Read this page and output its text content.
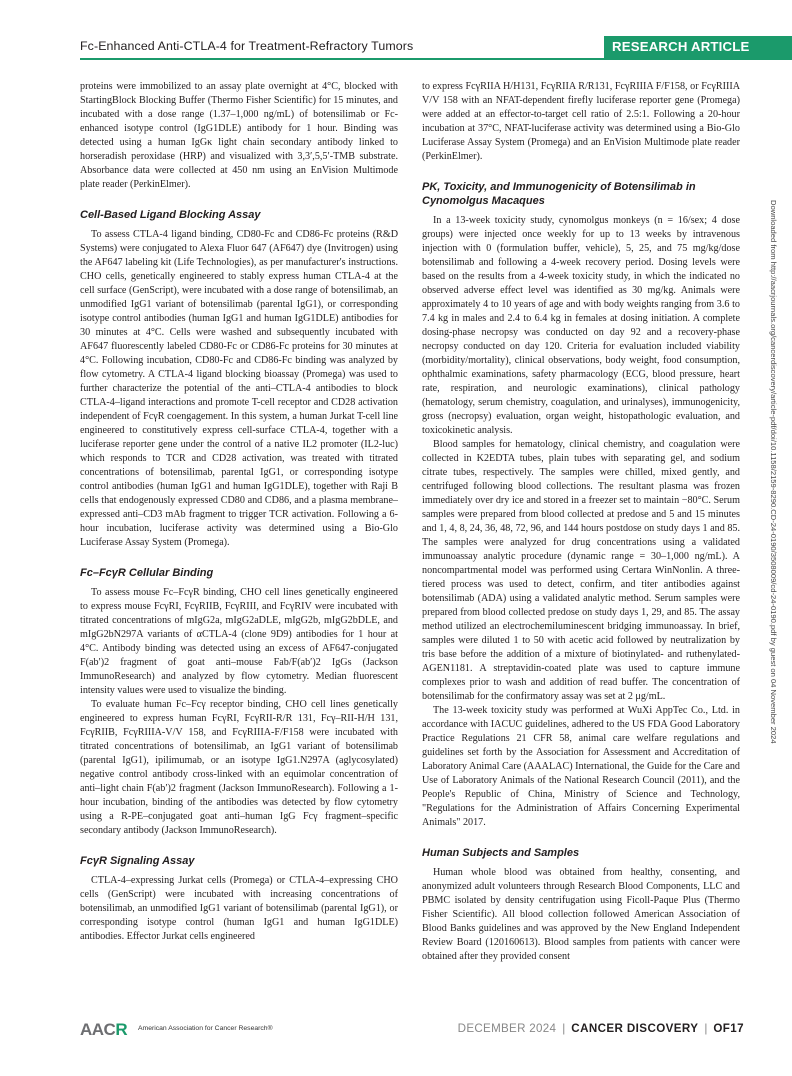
Fc-Enhanced Anti-CTLA-4 for Treatment-Refractory Tumors	RESEARCH ARTICLE

proteins were immobilized to an assay plate overnight at 4°C, blocked with StartingBlock Blocking Buffer (Thermo Fisher Scientific) for 15 minutes, and incubated with a dose range (1.37–1,000 ng/mL) of botensilimab or Fc-enhanced isotype control (IgG1DLE) antibody for 1 hour. Binding was detected using a human IgGκ light chain secondary antibody linked to horseradish peroxidase (HRP) and visualized with 3,3′,5,5′-TMB substrate. Absorbance data were collected at 450 nm using an EnVision Multimode plate reader (PerkinElmer).

Cell-Based Ligand Blocking Assay

To assess CTLA-4 ligand binding, CD80-Fc and CD86-Fc proteins (R&D Systems) were conjugated to Alexa Fluor 647 (AF647) dye (Invitrogen) using the AF647 labeling kit (Life Technologies), as per manufacturer's instructions. CHO cells, genetically engineered to stably express human CTLA-4 at the cell surface (GenScript), were incubated with a dose range of botensilimab, an unmodified IgG1 variant of botensilimab (parental IgG1), or corresponding isotype control antibodies (human IgG1 and human IgG1DLE) antibodies for 30 minutes at 4°C. Cells were washed and subsequently incubated with AF647 fluorescently labeled CD80-Fc or CD86-Fc proteins for 30 minutes at 4°C. Following incubation, CD80-Fc and CD86-Fc binding was analyzed by flow cytometry. A CTLA-4 ligand blocking bioassay (Promega) was used to further characterize the potential of the anti–CTLA-4 antibodies to block CTLA-4–ligand interactions and promote T-cell receptor and CD28 activation independent of FcγR coengagement. In this system, a human Jurkat T-cell line engineered to constitutively express cell-surface CTLA-4, together with a luciferase reporter gene under the control of a native IL2 promoter (IL2-luc) which responds to TCR and CD28 activation, was treated with titrated concentrations of botensilimab, parental IgG1, or corresponding isotype control antibodies (human IgG1 and human IgG1DLE), together with Raji B cells that endogenously expressed CD80 and CD86, and a plasma membrane–expressed anti–CD3 mAb fragment to trigger TCR activation. Following a 6-hour incubation, luciferase activity was determined using a Bio-Glo Luciferase Assay System (Promega).

Fc–FcγR Cellular Binding

To assess mouse Fc–FcγR binding, CHO cell lines genetically engineered to express mouse FcγRI, FcγRIIB, FcγRIII, and FcγRIV were incubated with titrated concentrations of mIgG2a, mIgG2aDLE, mIgG2b, mIgG2bDLE, and mIgG2bN297A variants of αCTLA-4 (clone 9D9) antibodies for 1 hour at 4°C. Antibody binding was detected using an excess of AF647-conjugated F(ab′)2 fragment of goat anti–mouse Fab/F(ab′)2 IgGs (Jackson ImmunoResearch) and analyzed by flow cytometry. Median fluorescent intensity values were used to visualize the binding.

To evaluate human Fc–Fcγ receptor binding, CHO cell lines genetically engineered to express human FcγRI, FcγRII-R/R 131, Fcγ–RII-H/H 131, FcγRIIB, FcγRIIIA-V/V 158, and FcγRIIIA-F/F158 were incubated with titrated concentrations of botensilimab, an IgG1 variant of botensilimab (parental IgG1), ipilimumab, or an isotype IgG1.N297A (aglycosylated) negative control antibody cross-linked with an equimolar concentration of anti–light chain F(ab′)2 fragment (Jackson ImmunoResearch). Following a 1-hour incubation, binding of the antibodies was detected by flow cytometry using a R-PE–conjugated goat anti–human IgG Fcγ fragment–specific secondary antibody (Jackson ImmunoResearch).

FcγR Signaling Assay

CTLA-4–expressing Jurkat cells (Promega) or CTLA-4–expressing CHO cells (GenScript) were incubated with increasing concentrations of botensilimab, an unmodified IgG1 variant of botensilimab (parental IgG1), or corresponding isotype control (human IgG1 and human IgG1DLE) antibodies. Effector Jurkat cells engineered

to express FcγRIIA H/H131, FcγRIIA R/R131, FcγRIIIA F/F158, or FcγRIIIA V/V 158 with an NFAT-dependent firefly luciferase reporter gene (Promega) were added at an effector-to-target cell ratio of 2.5:1. Following a 20-hour incubation at 37°C, NFAT-luciferase activity was determined using a Bio-Glo Luciferase Assay System (Promega) and an EnVision Multimode plate reader (PerkinElmer).

PK, Toxicity, and Immunogenicity of Botensilimab in Cynomolgus Macaques

In a 13-week toxicity study, cynomolgus monkeys (n = 16/sex; 4 dose groups) were injected once weekly for up to 13 weeks by intravenous injection with 0 (formulation buffer, vehicle), 5, 25, and 75 mg/kg/dose botensilimab and following a 4-week recovery period. Dosing levels were based on the results from a 4-week toxicity study, in which the indicated no observed adverse effect level was identified as 30 mg/kg. Animals were approximately 4 to 10 years of age and with body weights ranging from 3.6 to 7.4 kg in males and 2.4 to 6.4 kg in females at dosing initiation. A complete dosing-phase necropsy was conducted on day 92 and a recovery-phase necropsy conducted on day 120. Criteria for evaluation included viability (morbidity/mortality), clinical observations, body weight, food consumption, ophthalmic examinations, safety pharmacology (ECG, blood pressure, heart rate, respiration, and neurologic examinations), clinical pathology (hematology, serum chemistry, coagulation, and urinalyses), immunogenicity, gross (necropsy) evaluation, organ weight, histopathologic evaluation, and toxicokinetic analysis.

Blood samples for hematology, clinical chemistry, and coagulation were collected in K2EDTA tubes, plain tubes with separating gel, and sodium citrate tubes, respectively. The samples were chilled, mixed gently, and centrifuged following blood collections. The resultant plasma was frozen immediately over dry ice and stored in a freezer set to maintain −80°C. Serum samples were prepared from blood collected at predose and 5 and 15 minutes and 1, 4, 8, 24, 36, 48, 72, 96, and 144 hours postdose on study days 1 and 85. The samples were analyzed for drug concentrations using a validated immunoassay analytic procedure (dynamic range = 30–1,000 ng/mL). A noncompartmental model was performed using Certara WinNonlin. A three-tiered process was used to detect, confirm, and titer antibodies against botensilimab (ADA) using a validated analytic method. Serum samples were prepared from blood collected predose on study days 1, 29, and 85. The assay method utilized an electrochemiluminescent bridging immunoassay. In brief, samples were diluted 1 to 50 with acetic acid followed by neutralization by tris base before the addition of a mixture of biotinylated- and ruthenylated-AGEN1181. A streptavidin-coated plate was used to capture immune complexes prior to wash and addition of read buffer. The concentration of botensilimab for the confirmatory assay was set at 2 μg/mL.

The 13-week toxicity study was performed at WuXi AppTec Co., Ltd. in accordance with IACUC guidelines, adhered to the US FDA Good Laboratory Practice Regulations 21 CFR 58, animal care welfare regulations and guidelines set forth by the Association for Assessment and Accreditation of Laboratory Animal Care (AAALAC) International, the Guide for the Care and Use of Laboratory Animals of the National Research Council (2011), and the People's Republic of China, Ministry of Science and Technology, "Regulations for the Administration of Affairs Concerning Experimental Animals" 2017.

Human Subjects and Samples

Human whole blood was obtained from healthy, consenting, and anonymized adult volunteers through Research Blood Components, LLC and PBMC isolated by density centrifugation using Ficoll-Paque Plus (Thermo Fisher Scientific). All blood collection followed American Association of Blood Banks guidelines and was approved by the New England Independent Review Board (120160613). Blood samples from patients with cancer were obtained after they provided consent

Downloaded from http://aacrjournals.org/cancerdiscovery/article-pdf/doi/10.1158/2159-8290.CD-24-0190/3508009/cd-24-0190.pdf by guest on 04 November 2024
AACR American Association for Cancer Research®	DECEMBER 2024 | CANCER DISCOVERY | OF17
